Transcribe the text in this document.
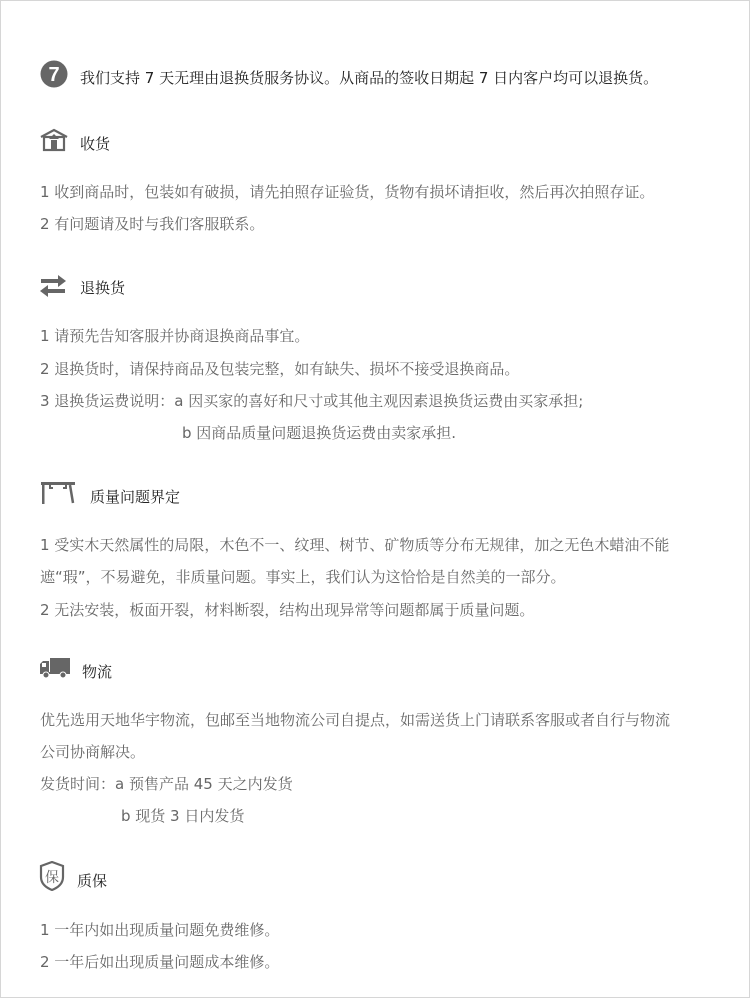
7 我们支持 7 天无理由退换货服务协议。从商品的签收日期起 7 日内客户均可以退换货。
收货
1 收到商品时，包装如有破损，请先拍照存证验货，货物有损坏请拒收，然后再次拍照存证。
2 有问题请及时与我们客服联系。
退换货
1 请预先告知客服并协商退换商品事宜。
2 退换货时，请保持商品及包装完整，如有缺失、损坏不接受退换商品。
3 退换货运费说明：a 因买家的喜好和尺寸或其他主观因素退换货运费由买家承担;
b 因商品质量问题退换货运费由卖家承担.
质量问题界定
1 受实木天然属性的局限，木色不一、纹理、树节、矿物质等分布无规律，加之无色木蜡油不能
遮“瑕”，不易避免，非质量问题。事实上，我们认为这恰恰是自然美的一部分。
2 无法安装，板面开裂，材料断裂，结构出现异常等问题都属于质量问题。
物流
优先选用天地华宇物流，包邮至当地物流公司自提点，如需送货上门请联系客服或者自行与物流
公司协商解决。
发货时间：a 预售产品 45 天之内发货
b 现货 3 日内发货
保 质保
1 一年内如出现质量问题免费维修。
2 一年后如出现质量问题成本维修。
